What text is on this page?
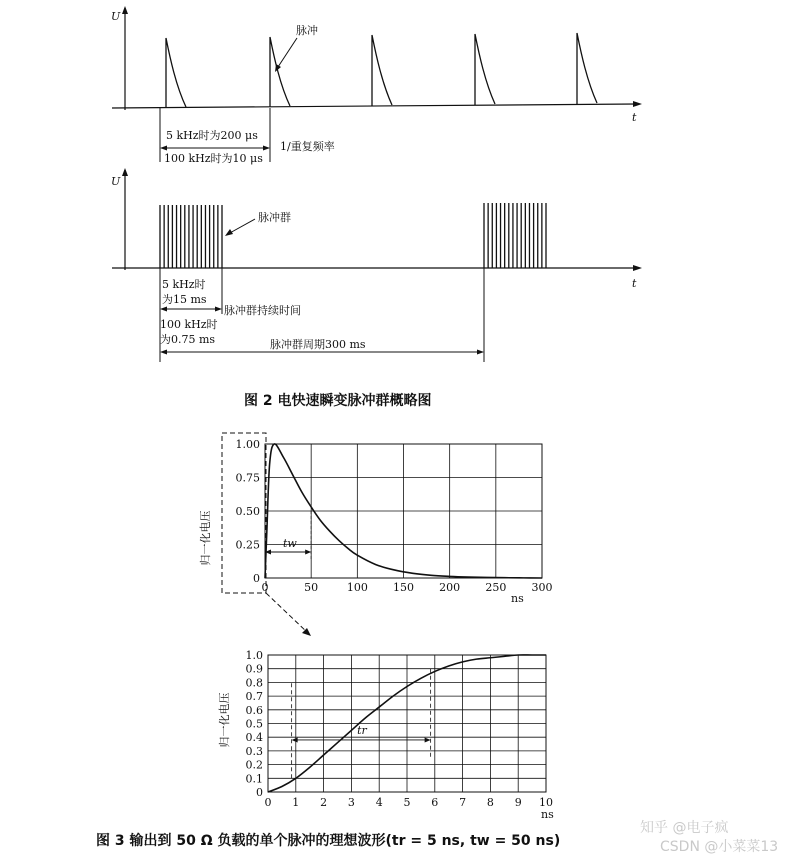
U
t
脉冲
5 kHz时为200 μs
100 kHz时为10 μs
1/重复频率
U
t
脉冲群
5 kHz时
为15 ms
脉冲群持续时间
100 kHz时
为0.75 ms	脉冲群周期300 ms
图 2 电快速瞬变脉冲群概略图
归一化电压
ns
0	50	100 150 200 250 300
0
0.25
0.50
0.75
1.00
tw
归一化电压
0 1 2 3 4 5 6 7 8 9 10
0
0.1
0.2
0.3
0.4
0.5
0.6
0.7
0.8
0.9
1.0
ns
tr
图 3 输出到 50 Ω 负载的单个脉冲的理想波形(tr = 5 ns, tw = 50 ns)
知乎 @电子疯
CSDN @小菜菜13
